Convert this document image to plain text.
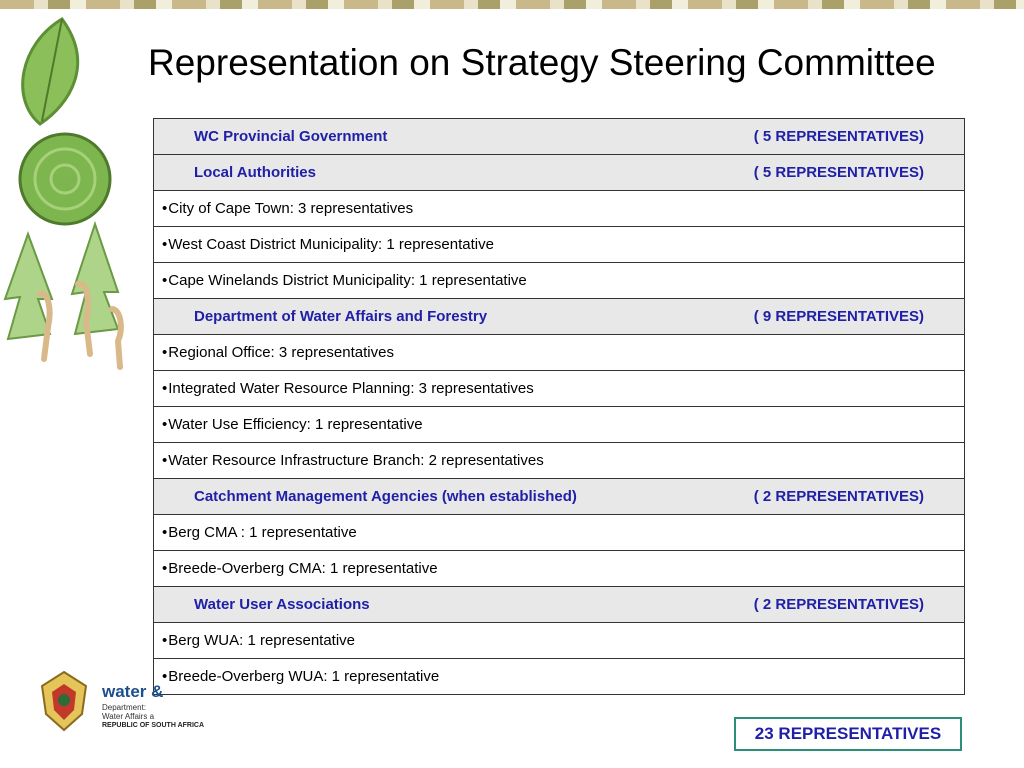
Representation on Strategy Steering Committee
WC Provincial Government	( 5 REPRESENTATIVES)

Local Authorities	( 5 REPRESENTATIVES)

•City of Cape Town: 3 representatives
•West Coast District Municipality: 1 representative
•Cape Winelands District Municipality: 1 representative

Department of Water Affairs and Forestry	( 9 REPRESENTATIVES)

•Regional Office: 3 representatives
•Integrated Water Resource Planning: 3 representatives
•Water Use Efficiency: 1 representative
•Water Resource Infrastructure Branch: 2 representatives

Catchment Management Agencies (when established)	( 2 REPRESENTATIVES)

•Berg CMA : 1 representative
•Breede-Overberg CMA: 1 representative

Water User Associations	( 2 REPRESENTATIVES)

•Berg WUA: 1 representative
•Breede-Overberg WUA: 1 representative
23 REPRESENTATIVES
water &
Department:
Water Affairs a
REPUBLIC OF SOUTH AFRICA
